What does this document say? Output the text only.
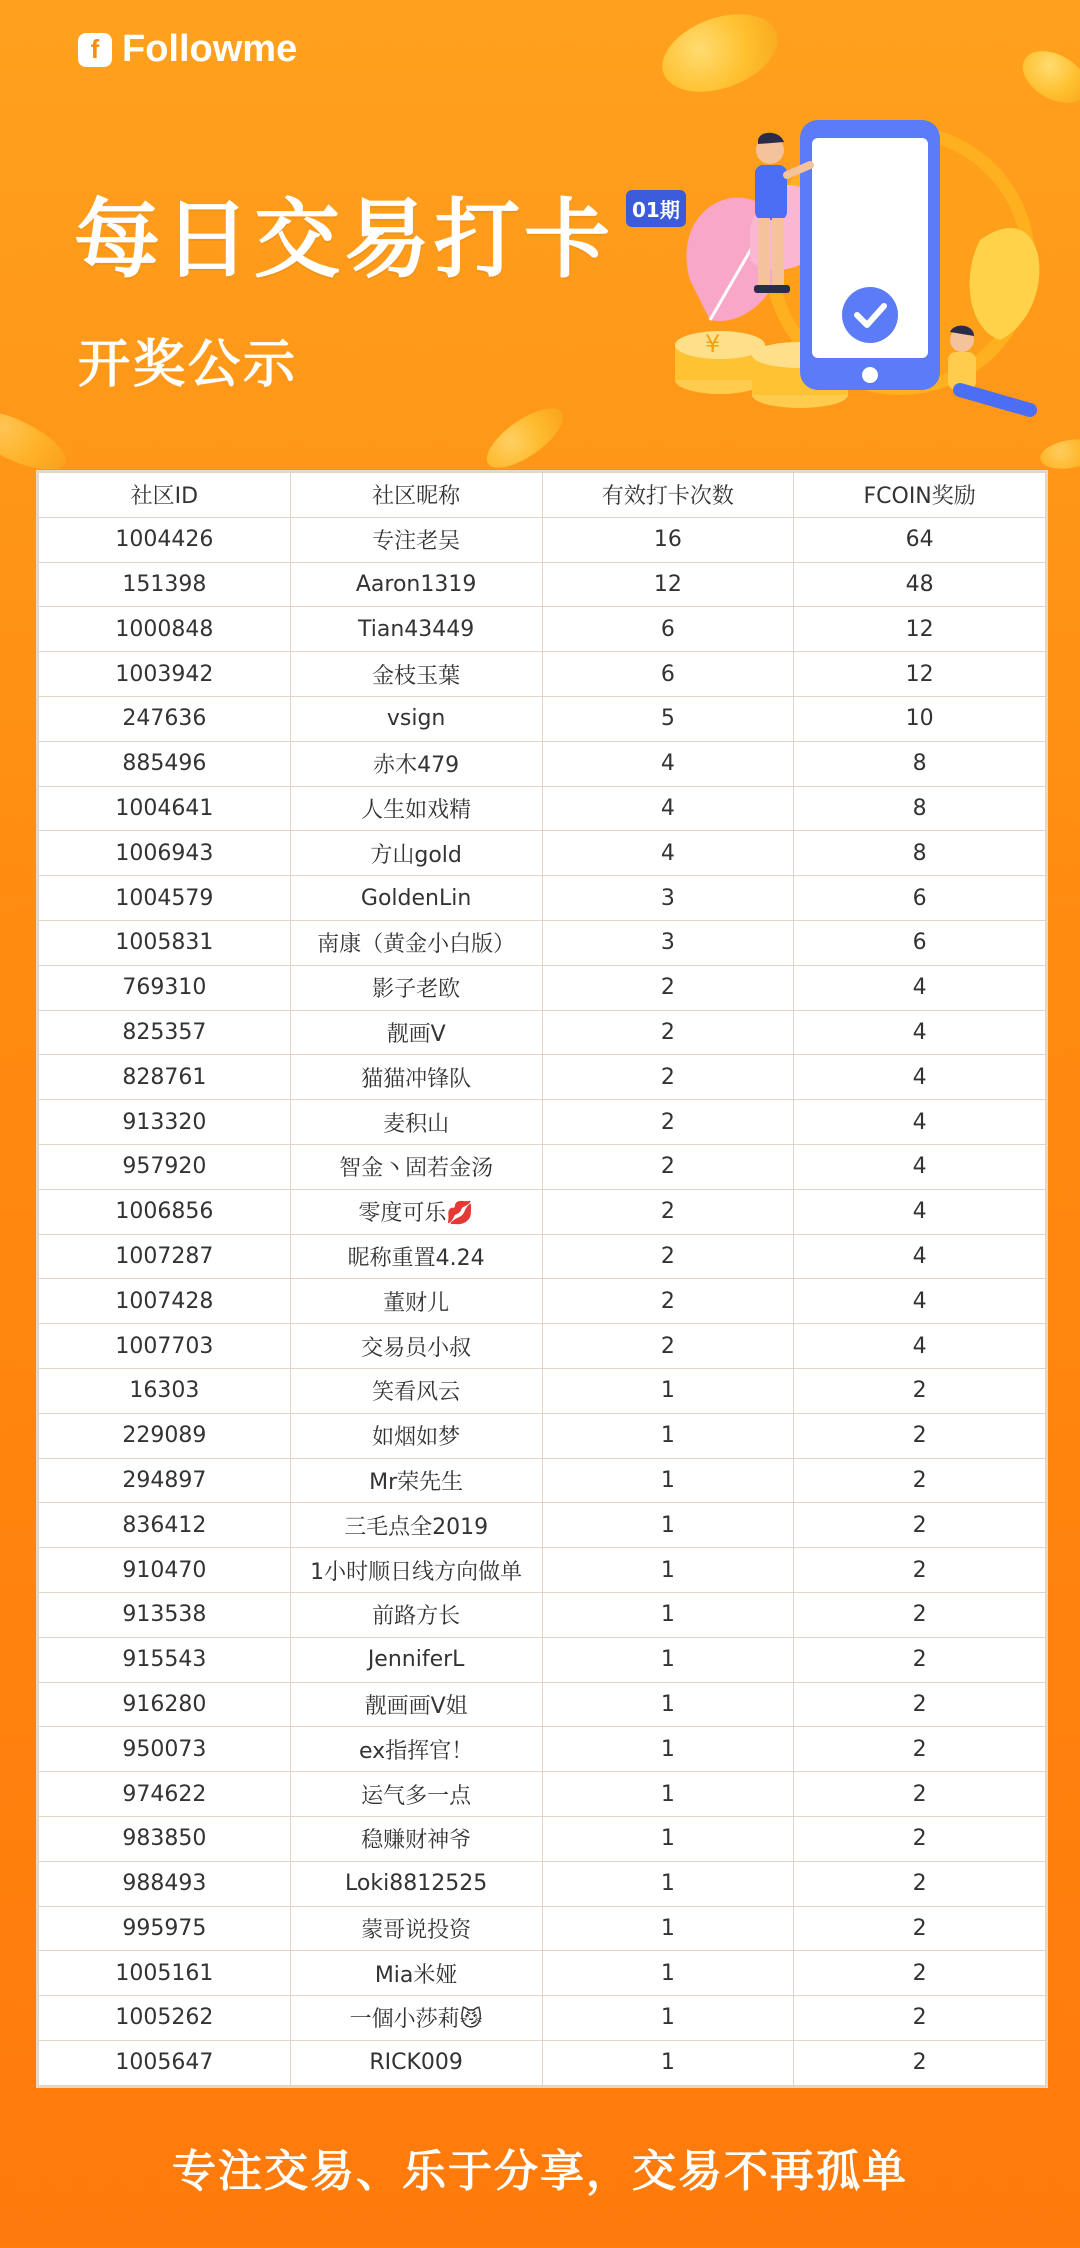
f Followme
每日交易打卡 01期
开奖公示	¥
社区ID	社区昵称	有效打卡次数	FCOIN奖励
1004426	专注老吴	16	64
151398	Aaron1319	12	48
1000848	Tian43449	6	12
1003942	金枝玉葉	6	12
247636	vsign	5	10
885496	赤木479	4	8
1004641	人生如戏精	4	8
1006943	方山gold	4	8
1004579	GoldenLin	3	6
1005831	南康（黄金小白版）	3	6
769310	影子老欧	2	4
825357	靓画V	2	4
828761	猫猫冲锋队	2	4
913320	麦积山	2	4
957920	智金丶固若金汤	2	4
1006856	零度可乐💋	2	4
1007287	昵称重置4.24	2	4
1007428	董财儿	2	4
1007703	交易员小叔	2	4
16303	笑看风云	1	2
229089	如烟如梦	1	2
294897	Mr荣先生	1	2
836412	三毛点全2019	1	2
910470	1小时顺日线方向做单	1	2
913538	前路方长	1	2
915543	JenniferL	1	2
916280	靓画画V姐	1	2
950073	ex指挥官！	1	2
974622	运气多一点	1	2
983850	稳赚财神爷	1	2
988493	Loki8812525	1	2
995975	蒙哥说投资	1	2
1005161	Mia米娅	1	2
1005262	一個小莎莉😼	1	2
1005647	RICK009	1	2
专注交易、乐于分享，交易不再孤单
